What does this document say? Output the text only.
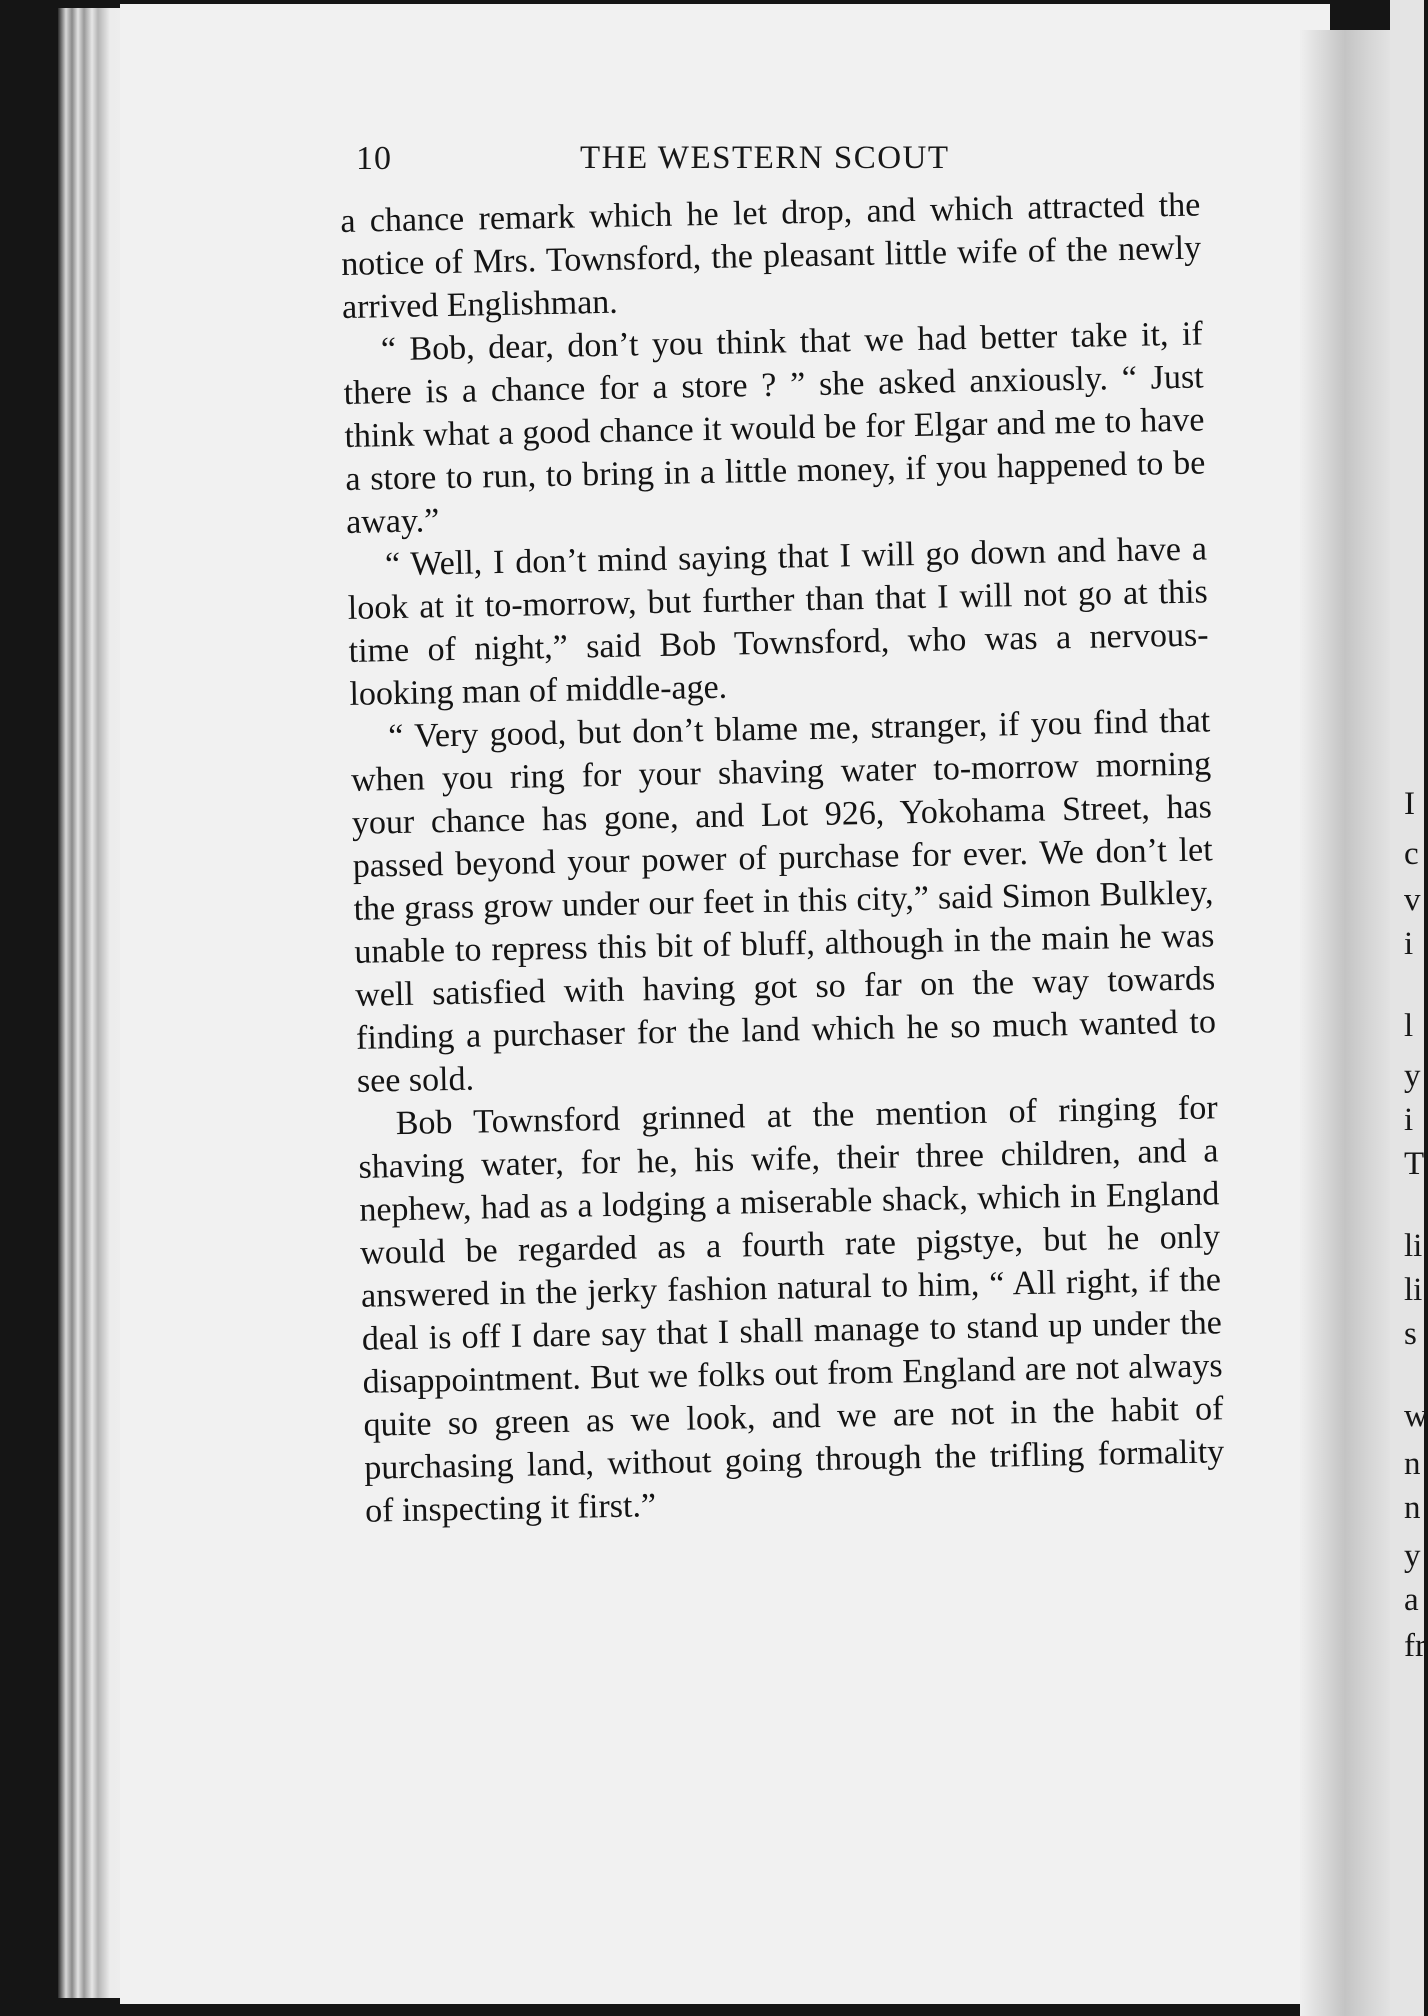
I
c
v
i
l
y
i
T
li
li
s
w
n
n
y
a
fr
10	THE WESTERN SCOUT

a chance remark which he let drop, and which attracted the notice of Mrs. Townsford, the pleasant little wife of the newly arrived Englishman.

“ Bob, dear, don’t you think that we had better take it, if there is a chance for a store ? ” she asked anxiously. “ Just think what a good chance it would be for Elgar and me to have a store to run, to bring in a little money, if you happened to be away.”

“ Well, I don’t mind saying that I will go down and have a look at it to-morrow, but further than that I will not go at this time of night,” said Bob Townsford, who was a nervous-looking man of middle-age.

“ Very good, but don’t blame me, stranger, if you find that when you ring for your shaving water to-morrow morning your chance has gone, and Lot 926, Yokohama Street, has passed beyond your power of purchase for ever. We don’t let the grass grow under our feet in this city,” said Simon Bulkley, unable to repress this bit of bluff, although in the main he was well satisfied with having got so far on the way towards finding a purchaser for the land which he so much wanted to see sold.

Bob Townsford grinned at the mention of ringing for shaving water, for he, his wife, their three children, and a nephew, had as a lodging a miserable shack, which in England would be regarded as a fourth rate pigstye, but he only answered in the jerky fashion natural to him, “ All right, if the deal is off I dare say that I shall manage to stand up under the disappointment. But we folks out from England are not always quite so green as we look, and we are not in the habit of purchasing land, without going through the trifling formality of inspecting it first.”
